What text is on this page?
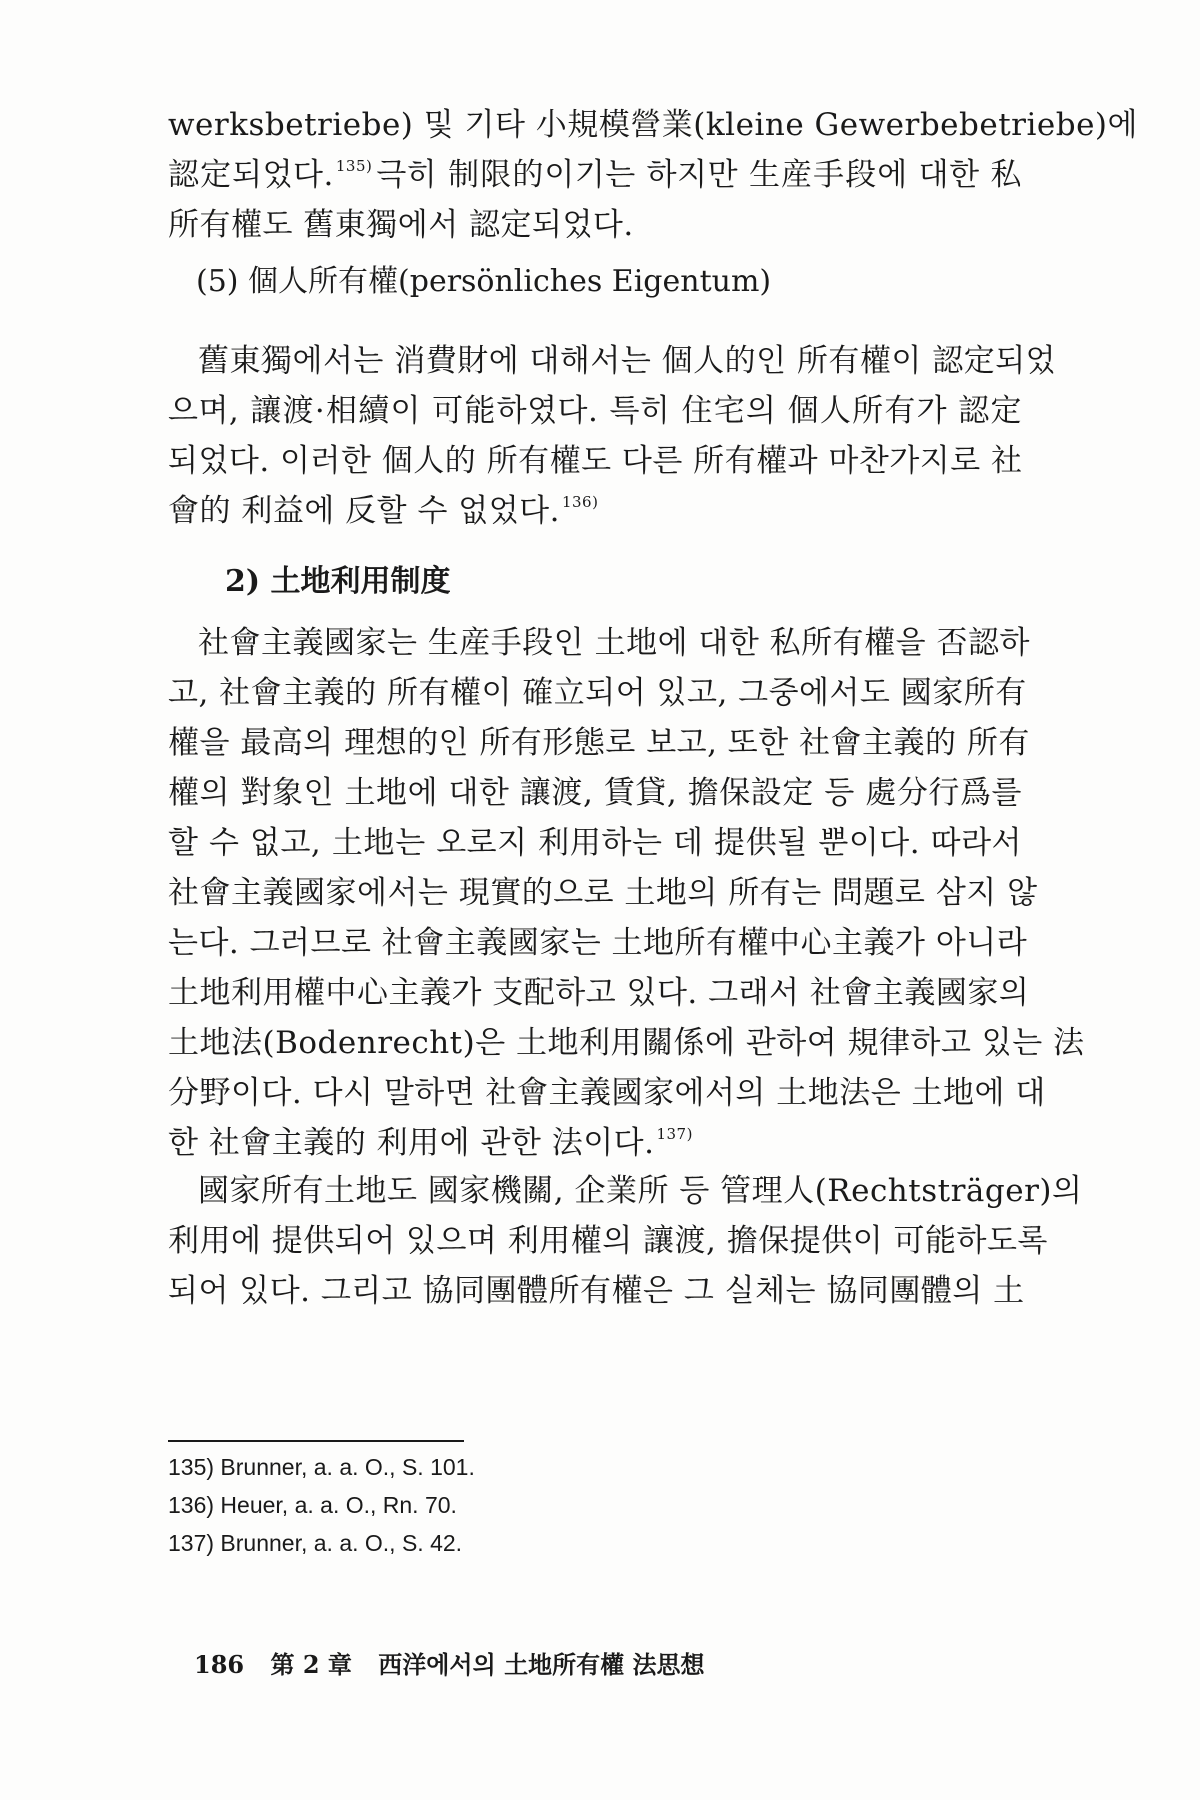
werksbetriebe) 및 기타 小規模營業(kleine Gewerbebetriebe)에
認定되었다. $^{135)}$ 극히 制限的이기는 하지만 生産手段에 대한 私
所有權도 舊東獨에서 認定되었다.
(5) 個人所有權(persönliches Eigentum)
舊東獨에서는 消費財에 대해서는 個人的인 所有權이 認定되었
으며, 讓渡·相續이 可能하였다. 특히 住宅의 個人所有가 認定
되었다. 이러한 個人的 所有權도 다른 所有權과 마찬가지로 社
會的 利益에 反할 수 없었다. $^{136)}$
2) 土地利用制度
社會主義國家는 生産手段인 土地에 대한 私所有權을 否認하
고, 社會主義的 所有權이 確立되어 있고, 그중에서도 國家所有
權을 最高의 理想的인 所有形態로 보고, 또한 社會主義的 所有
權의 對象인 土地에 대한 讓渡, 賃貸, 擔保設定 등 處分行爲를
할 수 없고, 土地는 오로지 利用하는 데 提供될 뿐이다. 따라서
社會主義國家에서는 現實的으로 土地의 所有는 問題로 삼지 않
는다. 그러므로 社會主義國家는 土地所有權中心主義가 아니라
土地利用權中心主義가 支配하고 있다. 그래서 社會主義國家의
土地法(Bodenrecht)은 土地利用關係에 관하여 規律하고 있는 法
分野이다. 다시 말하면 社會主義國家에서의 土地法은 土地에 대
한 社會主義的 利用에 관한 法이다. $^{137)}$
國家所有土地도 國家機關, 企業所 등 管理人(Rechtsträger)의
利用에 提供되어 있으며 利用權의 讓渡, 擔保提供이 可能하도록
되어 있다. 그리고 協同團體所有權은 그 실체는 協同團體의 土
135) Brunner, a. a. O., S. 101.
136) Heuer, a. a. O., Rn. 70.
137) Brunner, a. a. O., S. 42.
186 第 2 章 西洋에서의 土地所有權 法思想
